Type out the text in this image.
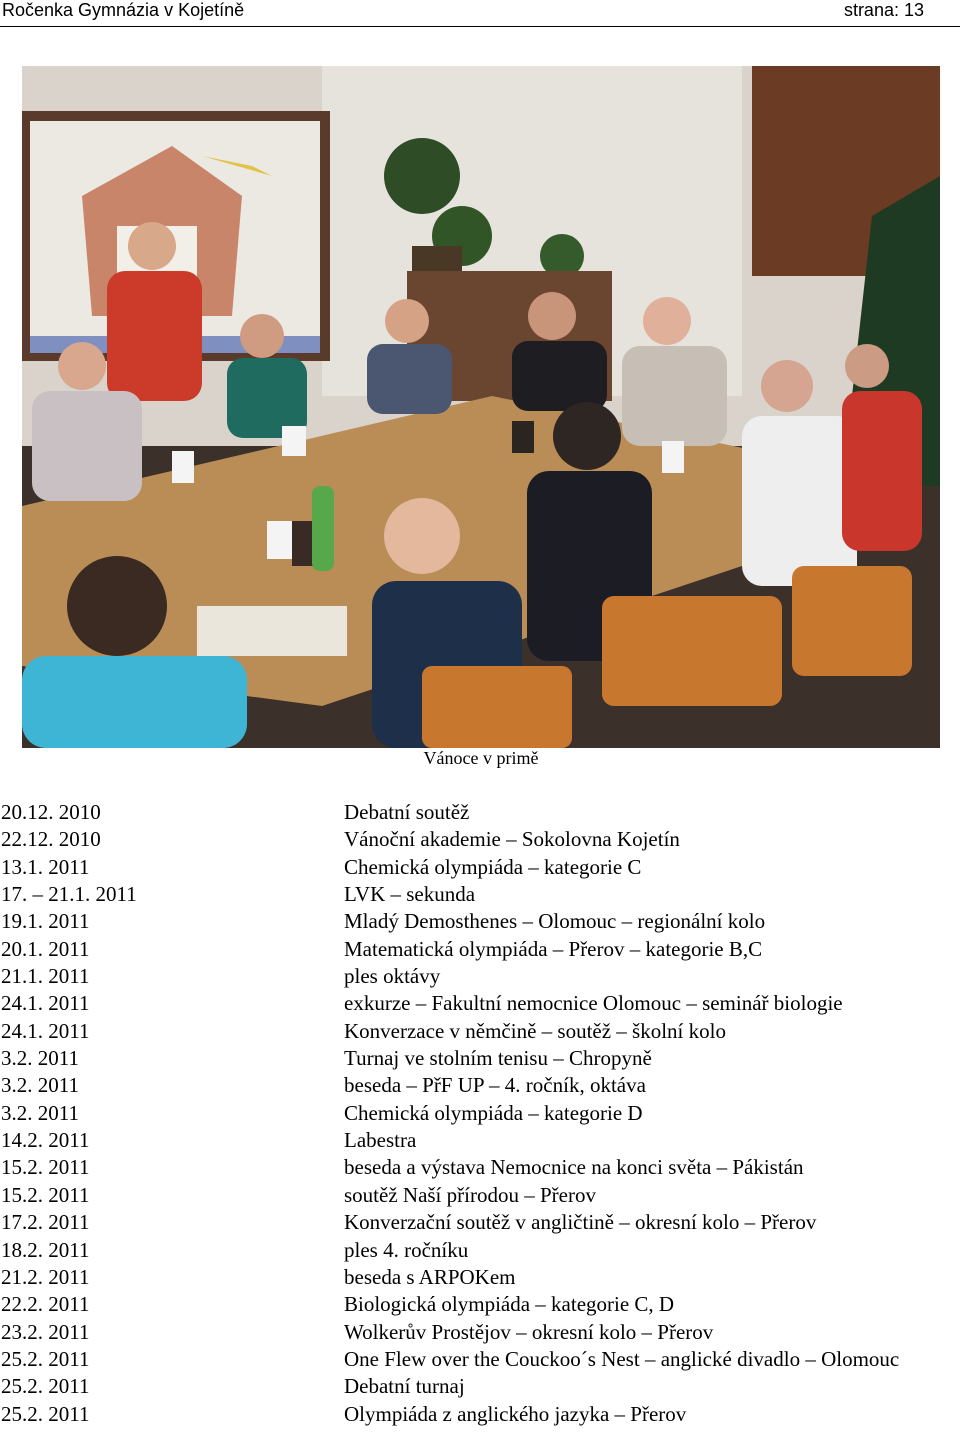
Ročenka Gymnázia v Kojetíně	strana: 13
Vánoce v primě
20.12. 2010	Debatní soutěž
22.12. 2010	Vánoční akademie – Sokolovna Kojetín
13.1. 2011	Chemická olympiáda – kategorie C
17. – 21.1. 2011	LVK – sekunda
19.1. 2011	Mladý Demosthenes – Olomouc – regionální kolo
20.1. 2011	Matematická olympiáda – Přerov – kategorie B,C
21.1. 2011	ples oktávy
24.1. 2011	exkurze – Fakultní nemocnice Olomouc – seminář biologie
24.1. 2011	Konverzace v němčině – soutěž – školní kolo
3.2. 2011	Turnaj ve stolním tenisu – Chropyně
3.2. 2011	beseda – PřF UP – 4. ročník, oktáva
3.2. 2011	Chemická olympiáda – kategorie D
14.2. 2011	Labestra
15.2. 2011	beseda a výstava Nemocnice na konci světa – Pákistán
15.2. 2011	soutěž Naší přírodou – Přerov
17.2. 2011	Konverzační soutěž v angličtině – okresní kolo – Přerov
18.2. 2011	ples 4. ročníku
21.2. 2011	beseda s ARPOKem
22.2. 2011	Biologická olympiáda – kategorie C, D
23.2. 2011	Wolkerův Prostějov – okresní kolo – Přerov
25.2. 2011	One Flew over the Couckoo´s Nest – anglické divadlo – Olomouc
25.2. 2011	Debatní turnaj
25.2. 2011	Olympiáda z anglického jazyka – Přerov
